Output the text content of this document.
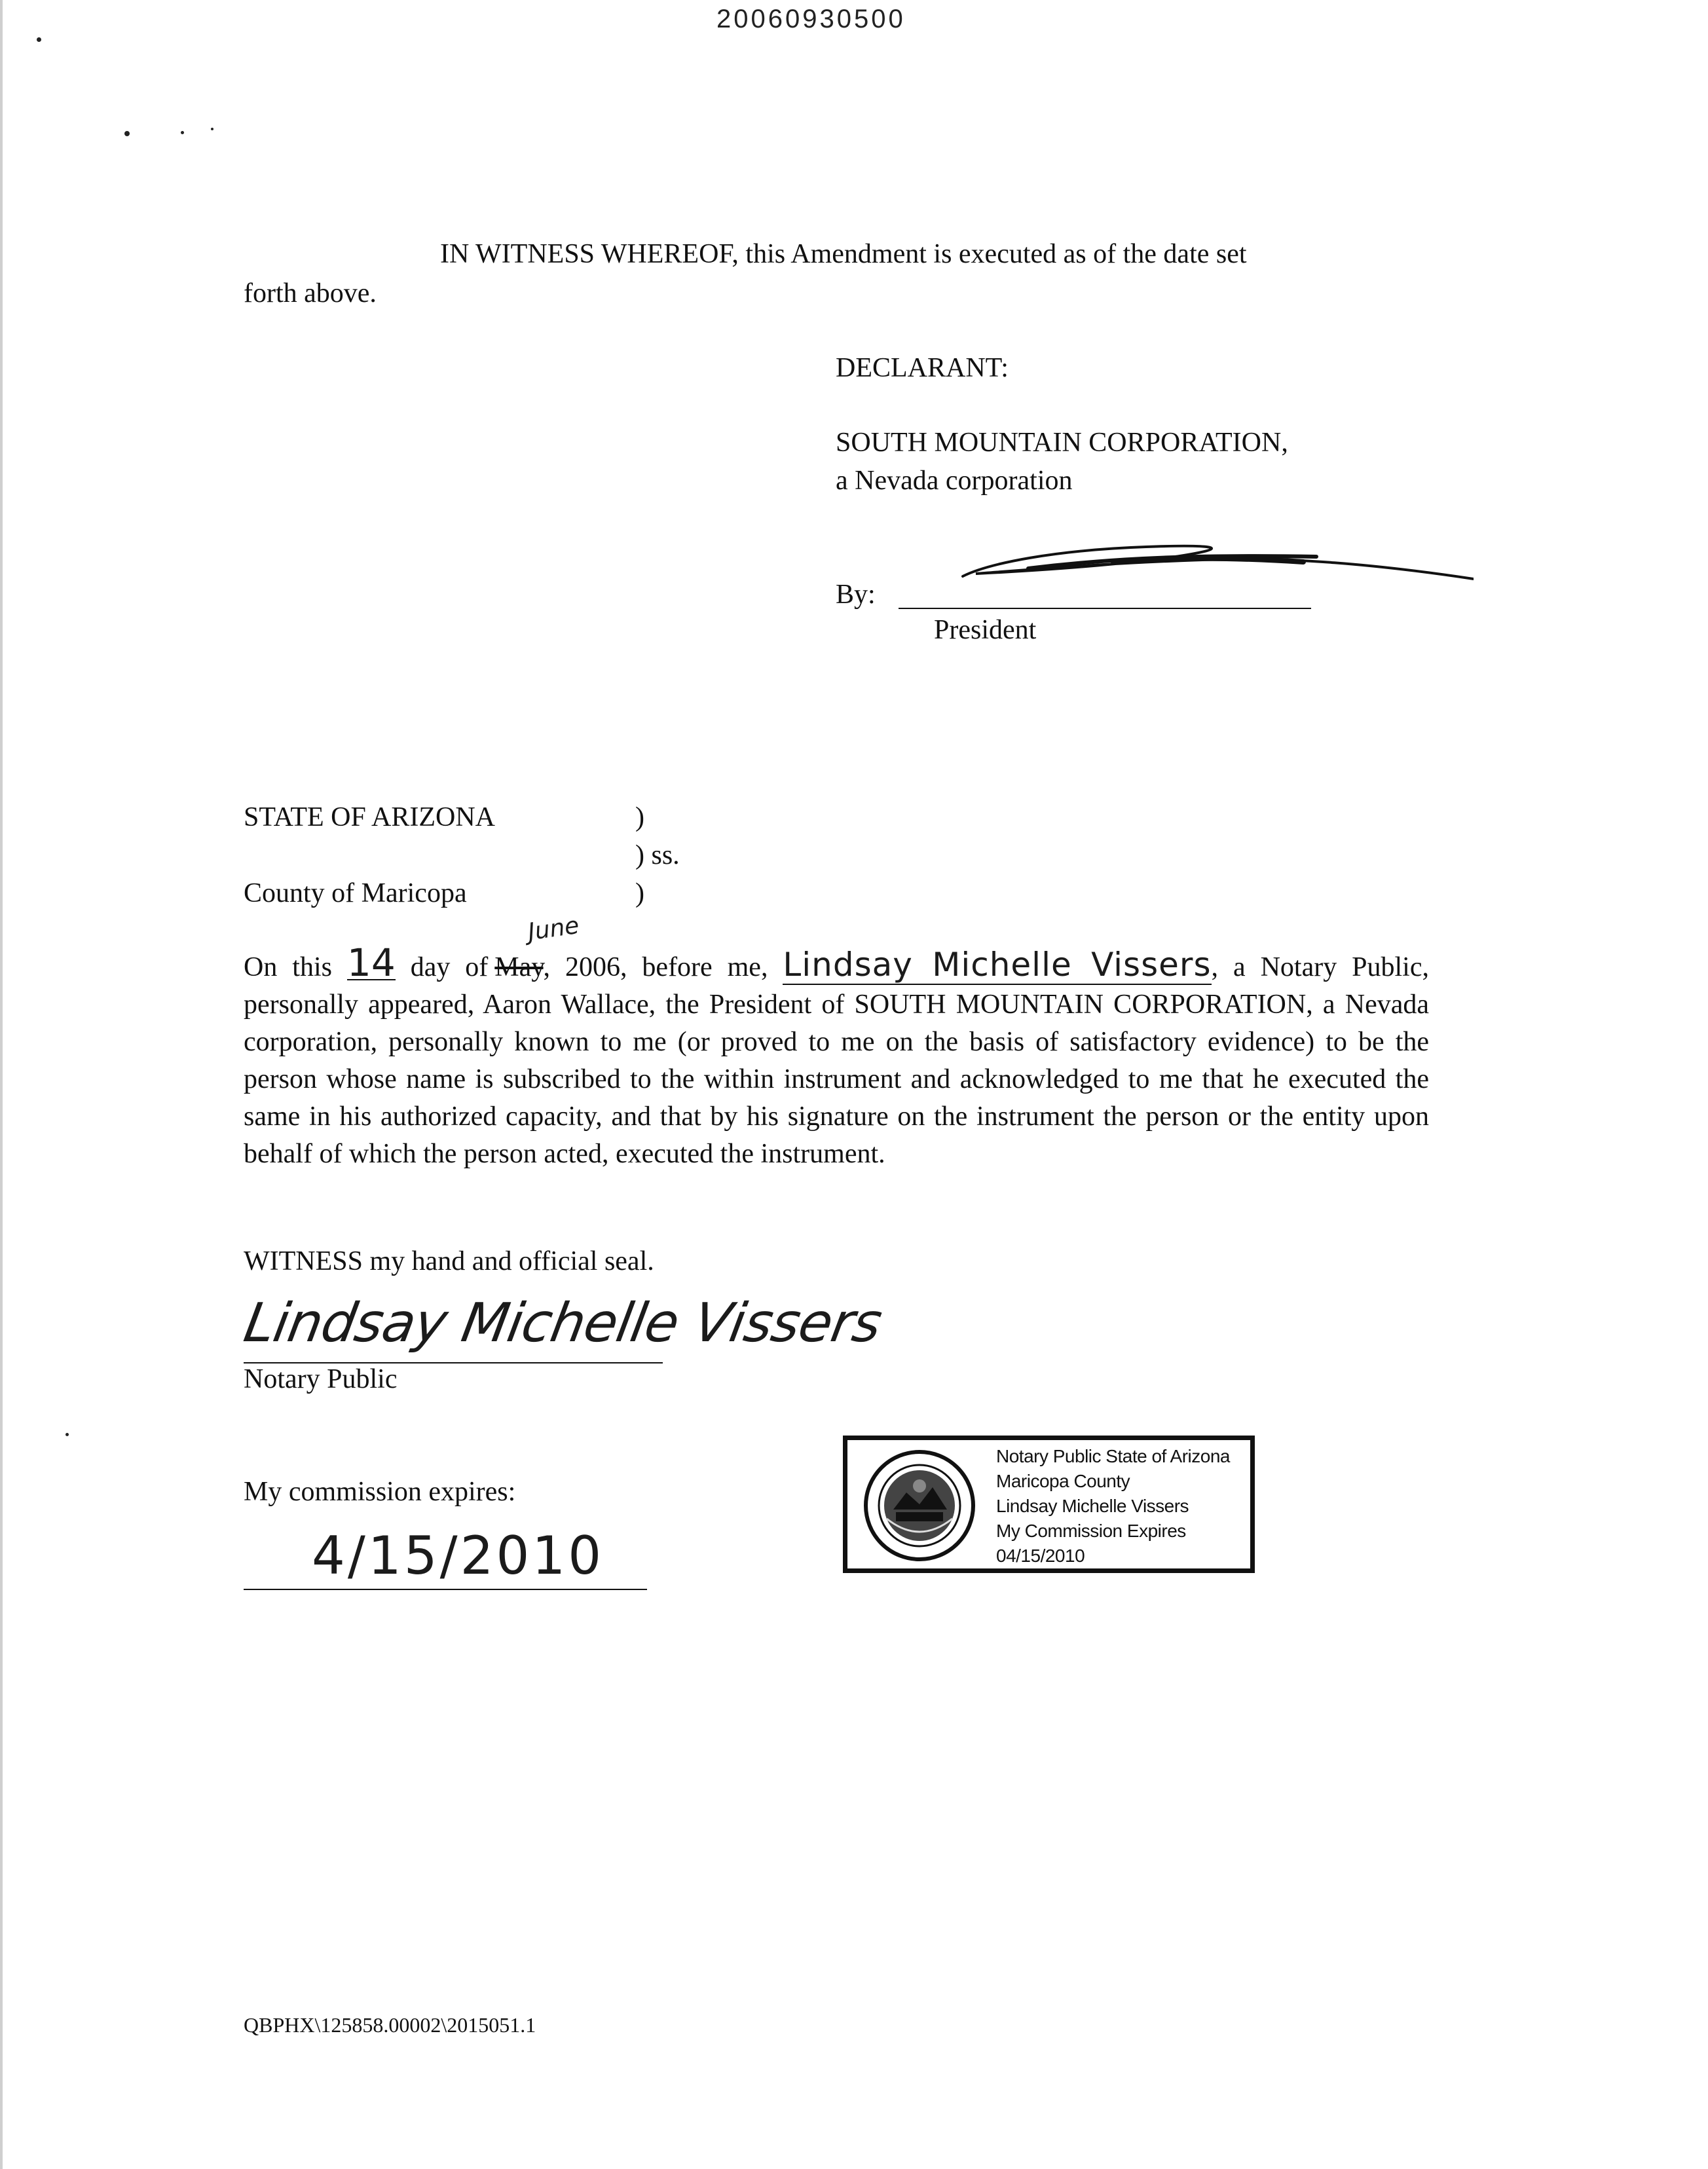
20060930500
IN WITNESS WHEREOF, this Amendment is executed as of the date set
forth above.
DECLARANT:
SOUTH MOUNTAIN CORPORATION,
a Nevada corporation
By:
President
STATE OF ARIZONA	)
) ss.
County of Maricopa	)
June
On this 14 day of May, 2006, before me, Lindsay Michelle Vissers, a Notary Public, personally appeared, Aaron Wallace, the President of SOUTH MOUNTAIN CORPORATION, a Nevada corporation, personally known to me (or proved to me on the basis of satisfactory evidence) to be the person whose name is subscribed to the within instrument and acknowledged to me that he executed the same in his authorized capacity, and that by his signature on the instrument the person or the entity upon behalf of which the person acted, executed the instrument.
WITNESS my hand and official seal.
Lindsay Michelle Vissers
Notary Public
My commission expires:
4/15/2010
Notary Public State of Arizona
Maricopa County
Lindsay Michelle Vissers
My Commission Expires
04/15/2010
QBPHX\125858.00002\2015051.1
